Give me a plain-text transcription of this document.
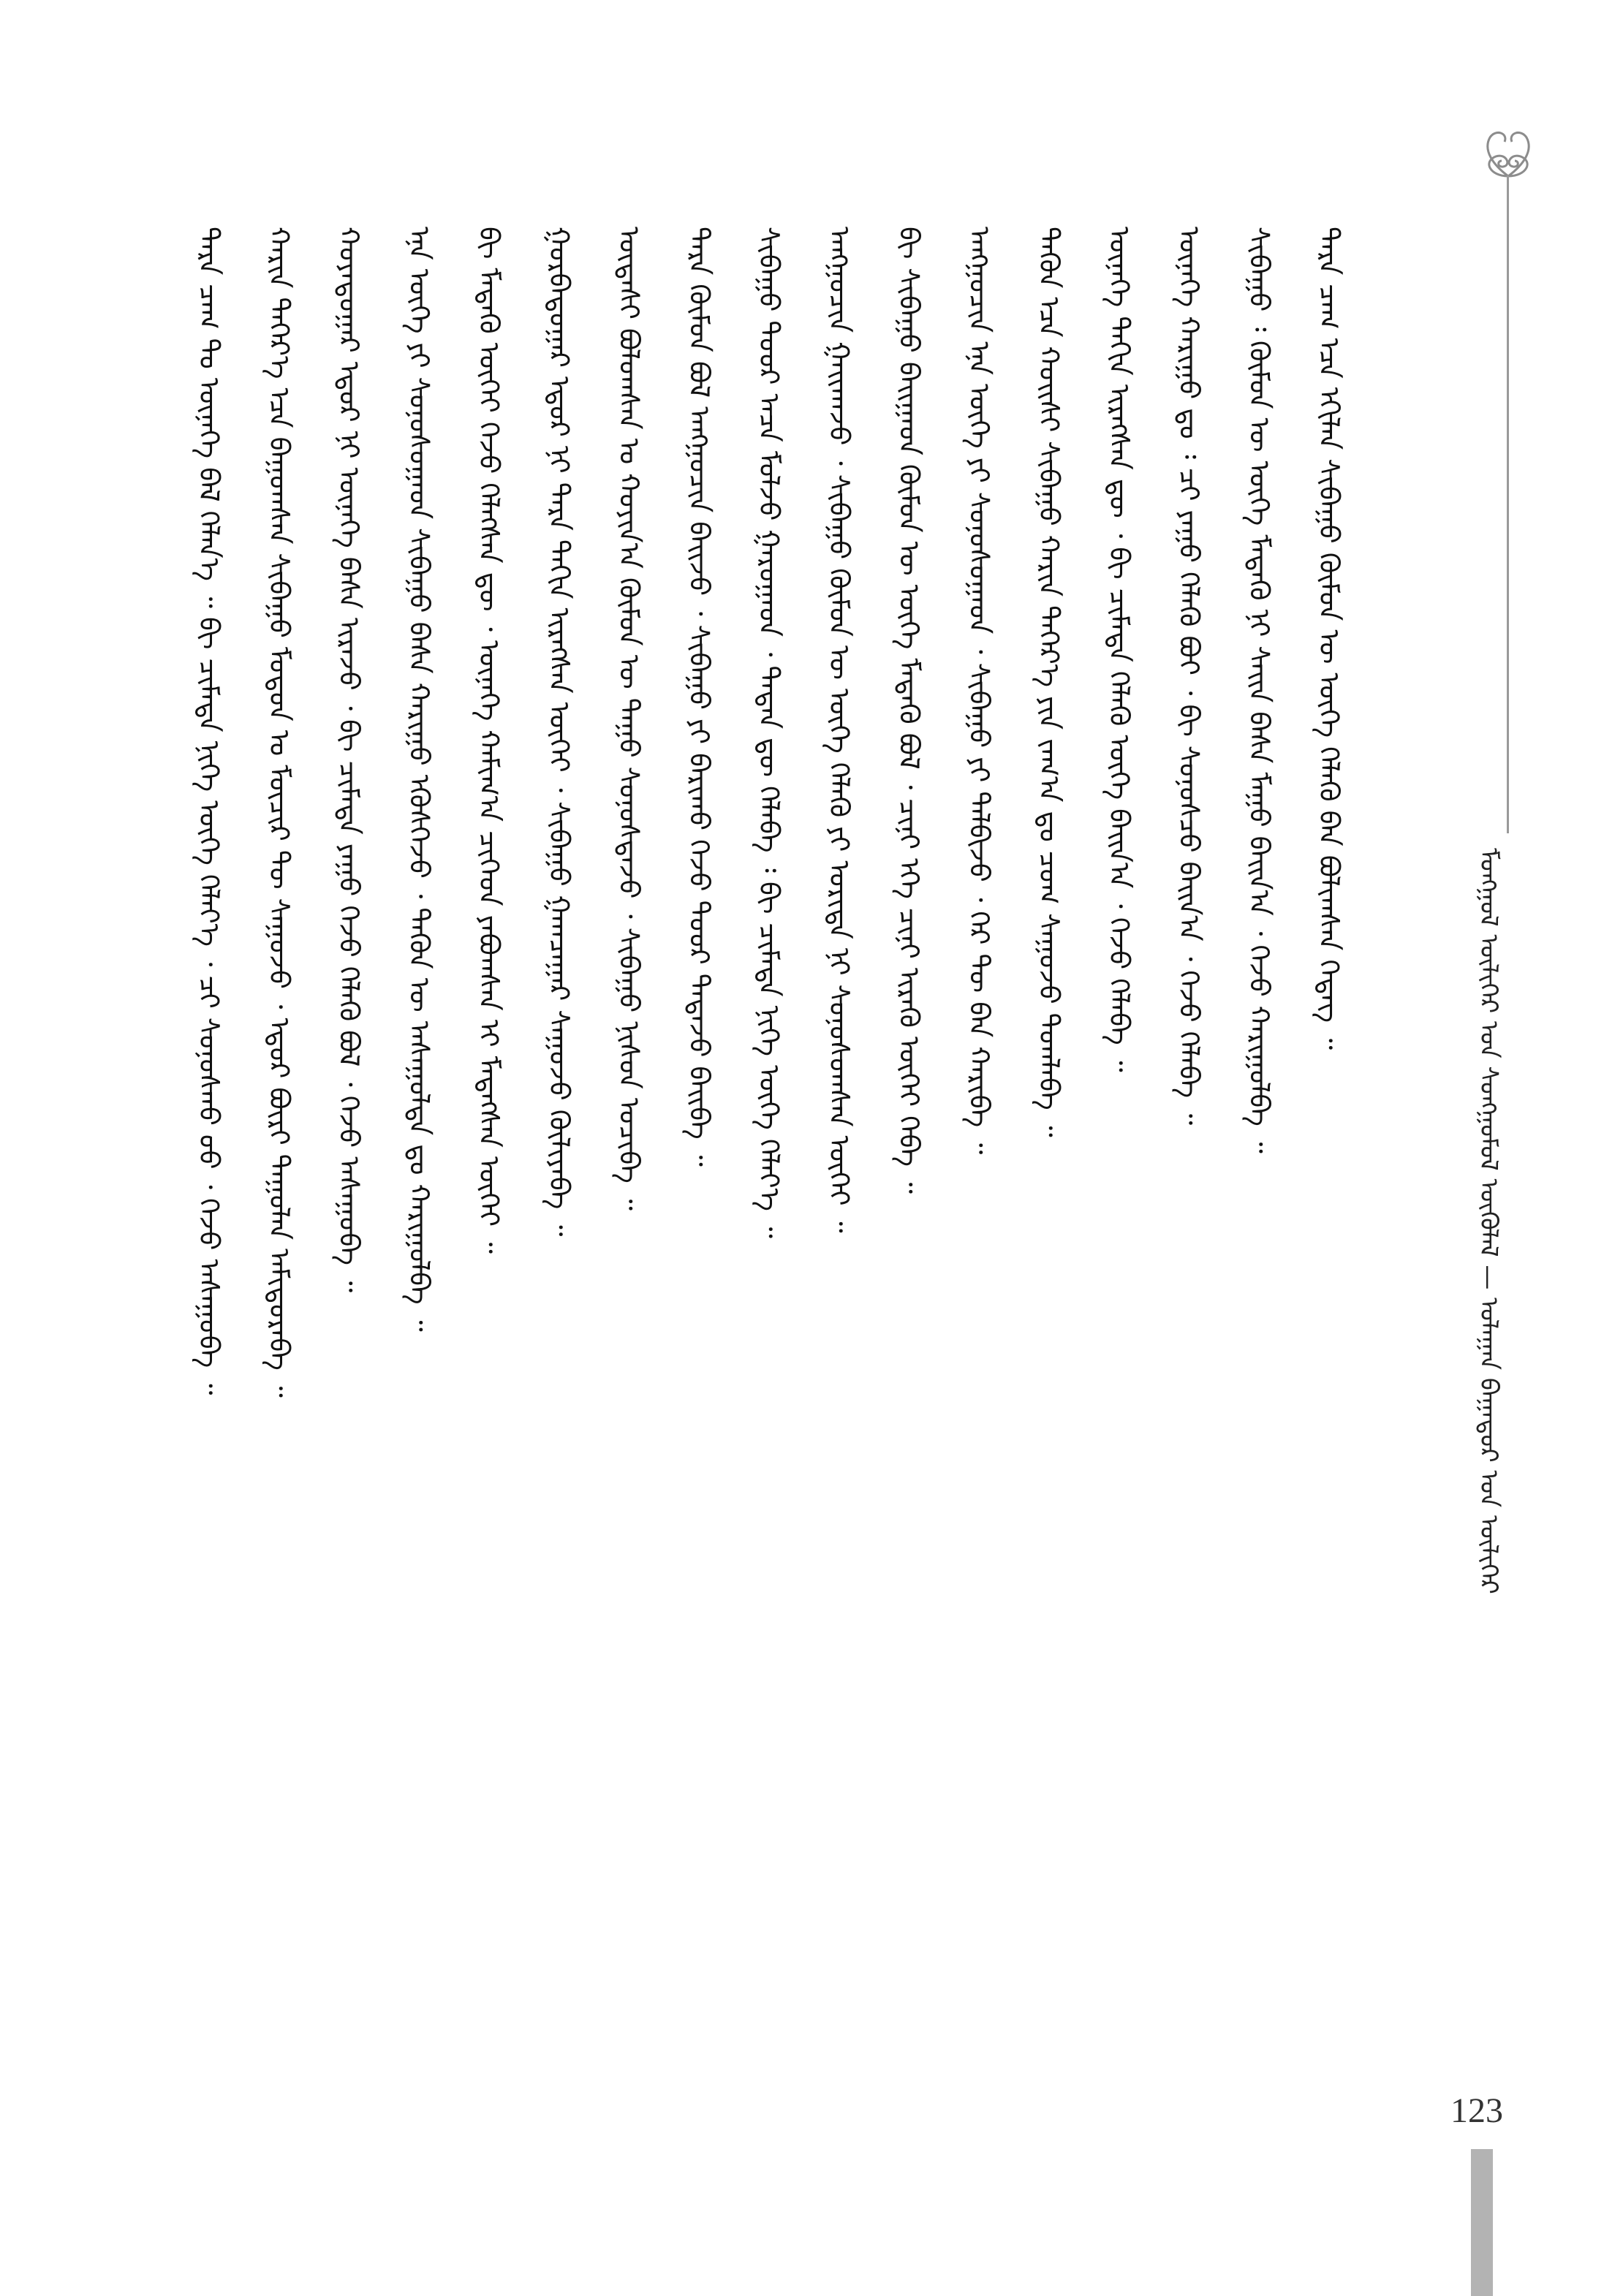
ᠮᠣᠩᠭᠣᠯ ᠦᠯᠢᠭᠡᠷ ᠤᠨ ᠰᠣᠩᠭᠣᠮᠣᠯ ᠦᠭᠦᠯᠡᠯ — ᠤᠯᠠᠭᠠᠨ ᠪᠠᠭᠠᠲᠤᠷ ᠤᠨ ᠦᠯᠢᠭᠡᠷ
ᠲᠡᠷᠡ ᠴᠠᠭ ᠲᠤ ᠦᠨᠡᠭᠡ ᠪᠡᠯ ᠬᠡᠯᠡᠨ᠎ᠡ ᠃ ᠪᠢ ᠴᠢᠮᠠᠳᠠ ᠨᠢᠭᠡ ᠦᠭᠡ ᠬᠡᠯᠡᠶ᠎ᠡ ᠂ ᠴᠢ ᠰᠣᠨᠣᠰᠬᠤ ᠦᠦ ᠂ ᠭᠡᠵᠦ ᠠᠰᠠᠭᠤᠪᠠ ᠃	ᠬᠠᠷᠢᠨ ᠳᠡᠭᠡᠷ᠎ᠡ ᠡᠴᠡ ᠪᠠᠭᠤᠭᠰᠠᠨ ᠰᠢᠪᠠᠭᠤ ᠮᠤᠳᠤᠨ ᠤ ᠮᠦᠴᠢᠷ ᠲᠦ ᠰᠠᠭᠤᠵᠤ ᠂ ᠡᠳᠦᠷ ᠪᠦᠷᠢ ᠳᠠᠭᠤᠯᠠᠨ ᠠᠮᠢᠳᠤᠷᠠᠪᠠ ᠃	ᠬᠣᠶᠠᠳᠤᠭᠠᠷ ᠡᠳᠦᠷ ᠨᠢ ᠦᠨᠡᠭᠡ ᠪᠠᠰᠠ ᠢᠷᠡᠵᠦ ᠂ ᠪᠢ ᠴᠢᠮᠠᠳᠠ ᠶᠠᠭᠤ ᠭᠡᠵᠦ ᠬᠡᠯᠡᠬᠦ ᠪᠣᠯ ᠂ ᠭᠡᠵᠦ ᠠᠰᠠᠭᠤᠪᠠ ᠃	ᠡᠨᠡ ᠦᠭᠡ ᠶᠢ ᠰᠣᠨᠣᠰᠤᠭᠠᠳ ᠰᠢᠪᠠᠭᠤ ᠪᠠᠰᠠ ᠬᠠᠷᠢᠭᠤ ᠡᠭᠦᠰᠬᠡᠵᠦ ᠂ ᠲᠡᠭᠦᠨ ᠦ ᠠᠰᠠᠭᠤᠯᠲᠠ ᠳᠤ ᠬᠠᠷᠢᠭᠤᠯᠪᠠ ᠃	ᠪᠢ ᠮᠡᠳᠡᠬᠦ ᠦᠭᠡᠢ ᠭᠡᠵᠦ ᠬᠡᠯᠡᠭᠰᠡᠨ ᠳᠦ ᠂ ᠦᠨᠡᠭᠡ ᠬᠠᠮᠢᠭ᠎ᠠ ᠴᠢᠭᠡᠳ ᠶᠠᠪᠤᠭᠰᠠᠨ ᠢ ᠮᠡᠳᠡᠭᠰᠡᠨ ᠦᠭᠡᠢ ᠃	ᠭᠤᠷᠪᠠᠳᠤᠭᠠᠷ ᠡᠳᠦᠷ ᠨᠢ ᠲᠡᠷᠡ ᠳᠠᠬᠢᠨ ᠢᠷᠡᠭᠰᠡᠨ ᠦᠭᠡᠢ ᠂ ᠰᠢᠪᠠᠭᠤ ᠭᠠᠭᠴᠠᠭᠠᠷ ᠰᠠᠭᠤᠵᠤ ᠬᠦᠯᠢᠶᠡᠪᠡ ᠃	ᠦᠳᠡᠰᠢ ᠪᠣᠯᠤᠭᠰᠠᠨ ᠤ ᠬᠣᠶᠢᠨ᠎ᠠ ᠬᠦᠮᠦᠨ ᠦ ᠳᠠᠭᠤ ᠰᠣᠨᠣᠰᠳᠠᠵᠤ ᠂ ᠰᠢᠪᠠᠭᠤ ᠨᠢᠰᠦᠨ ᠣᠴᠢᠪᠠ ᠃	ᠲᠡᠷᠡ ᠬᠦᠮᠦᠨ ᠪᠣᠯ ᠠᠩᠭᠤᠴᠢᠨ ᠪᠠᠢᠵᠤ ᠂ ᠰᠢᠪᠠᠭᠤ ᠶᠢ ᠪᠠᠷᠢᠬᠤ ᠭᠡᠵᠦ ᠲᠣᠣᠷ ᠲᠠᠲᠠᠵᠤ ᠪᠠᠢᠪᠠ ᠃	ᠰᠢᠪᠠᠭᠤ ᠲᠣᠣᠷ ᠠᠴᠠ ᠮᠣᠯᠵᠤ ᠭᠠᠷᠤᠭᠠᠳ ᠂ ᠲᠡᠳᠡᠨ ᠳᠦ ᠬᠡᠯᠡᠪᠡ ᠄ ᠪᠢ ᠴᠢᠮᠠᠳᠠ ᠨᠢᠭᠡ ᠦᠭᠡ ᠬᠡᠯᠡᠶ᠎ᠡ ᠃	ᠠᠩᠭᠤᠴᠢᠨ ᠭᠠᠢᠬᠠᠵᠤ ᠂ ᠰᠢᠪᠠᠭᠤ ᠬᠦᠮᠦᠨ ᠦ ᠦᠭᠡ ᠬᠡᠯᠡᠬᠦ ᠶᠢ ᠤᠷᠢᠳᠠ ᠨᠢ ᠰᠣᠨᠣᠰᠤᠭᠰᠠᠨ ᠦᠭᠡᠢ ᠃	ᠪᠢ ᠰᠢᠪᠠᠭᠤ ᠪᠠᠢᠭᠠᠳ ᠬᠦᠮᠦᠨ ᠦ ᠦᠭᠡ ᠮᠡᠳᠡᠬᠦ ᠪᠣᠯ ᠂ ᠴᠢᠨᠢ ᠡᠬᠡ ᠴᠢᠨᠢ ᠢᠷᠡᠬᠦ ᠦᠭᠡᠢ ᠭᠡᠪᠡ ᠃	ᠠᠩᠭᠤᠴᠢᠨ ᠡᠨᠡ ᠦᠭᠡ ᠶᠢ ᠰᠣᠨᠣᠰᠤᠭᠠᠳ ᠂ ᠰᠢᠪᠠᠭᠤ ᠶᠢ ᠲᠠᠯᠪᠢᠵᠤ ᠂ ᠭᠡᠷ ᠲᠦ ᠪᠠᠨ ᠬᠠᠷᠢᠪᠠ ᠃	ᠲᠡᠭᠦᠨ ᠡᠴᠡ ᠬᠣᠢᠰᠢ ᠰᠢᠪᠠᠭᠤ ᠬᠠᠷᠢᠨ ᠳᠡᠭᠡᠷ᠎ᠡ ᠶᠢᠨ ᠵᠠᠬ᠎ᠠ ᠳᠤ ᠴᠣᠭ ᠰᠠᠭᠤᠵᠤ ᠲᠣᠭᠯᠠᠪᠠ ᠃	ᠦᠨᠡᠭᠡ ᠳᠠᠬᠢᠨ ᠢᠷᠡᠭᠰᠡᠨ ᠳᠦ ᠂ ᠪᠢ ᠴᠢᠮᠠᠳᠠ ᠬᠡᠯᠡᠬᠦ ᠦᠭᠡ ᠪᠠᠢᠨ᠎ᠠ ᠂ ᠭᠡᠵᠦ ᠬᠡᠯᠡᠪᠡ ᠃	ᠦᠨᠡᠭᠡ ᠬᠠᠷᠢᠭᠤ ᠳᠤ ᠄ ᠴᠢ ᠶᠠᠭᠤ ᠬᠡᠯᠡᠬᠦ ᠪᠤᠢ ᠂ ᠪᠢ ᠰᠣᠨᠣᠰᠴᠤ ᠪᠠᠢᠨ᠎ᠠ ᠂ ᠭᠡᠵᠦ ᠬᠡᠯᠡᠪᠡ ᠃	ᠰᠢᠪᠠᠭᠤ ᠄ ᠬᠦᠮᠦᠨ ᠦ ᠦᠭᠡ ᠮᠡᠳᠡᠬᠦ ᠨᠢ ᠰᠠᠢᠨ ᠪᠠᠰᠠ ᠮᠠᠭᠤ ᠪᠠᠢᠨ᠎ᠠ ᠂ ᠭᠡᠵᠦ ᠬᠠᠷᠢᠭᠤᠯᠪᠠ ᠃	ᠲᠡᠷᠡ ᠴᠠᠭ ᠡᠴᠡ ᠡᠬᠢᠯᠡᠨ ᠰᠢᠪᠠᠭᠤ ᠬᠦᠮᠦᠨ ᠦ ᠦᠭᠡ ᠬᠡᠯᠡᠬᠦ ᠪᠠᠨ ᠪᠣᠯᠢᠭᠰᠠᠨ ᠭᠡᠳᠡᠭ ᠃
123
